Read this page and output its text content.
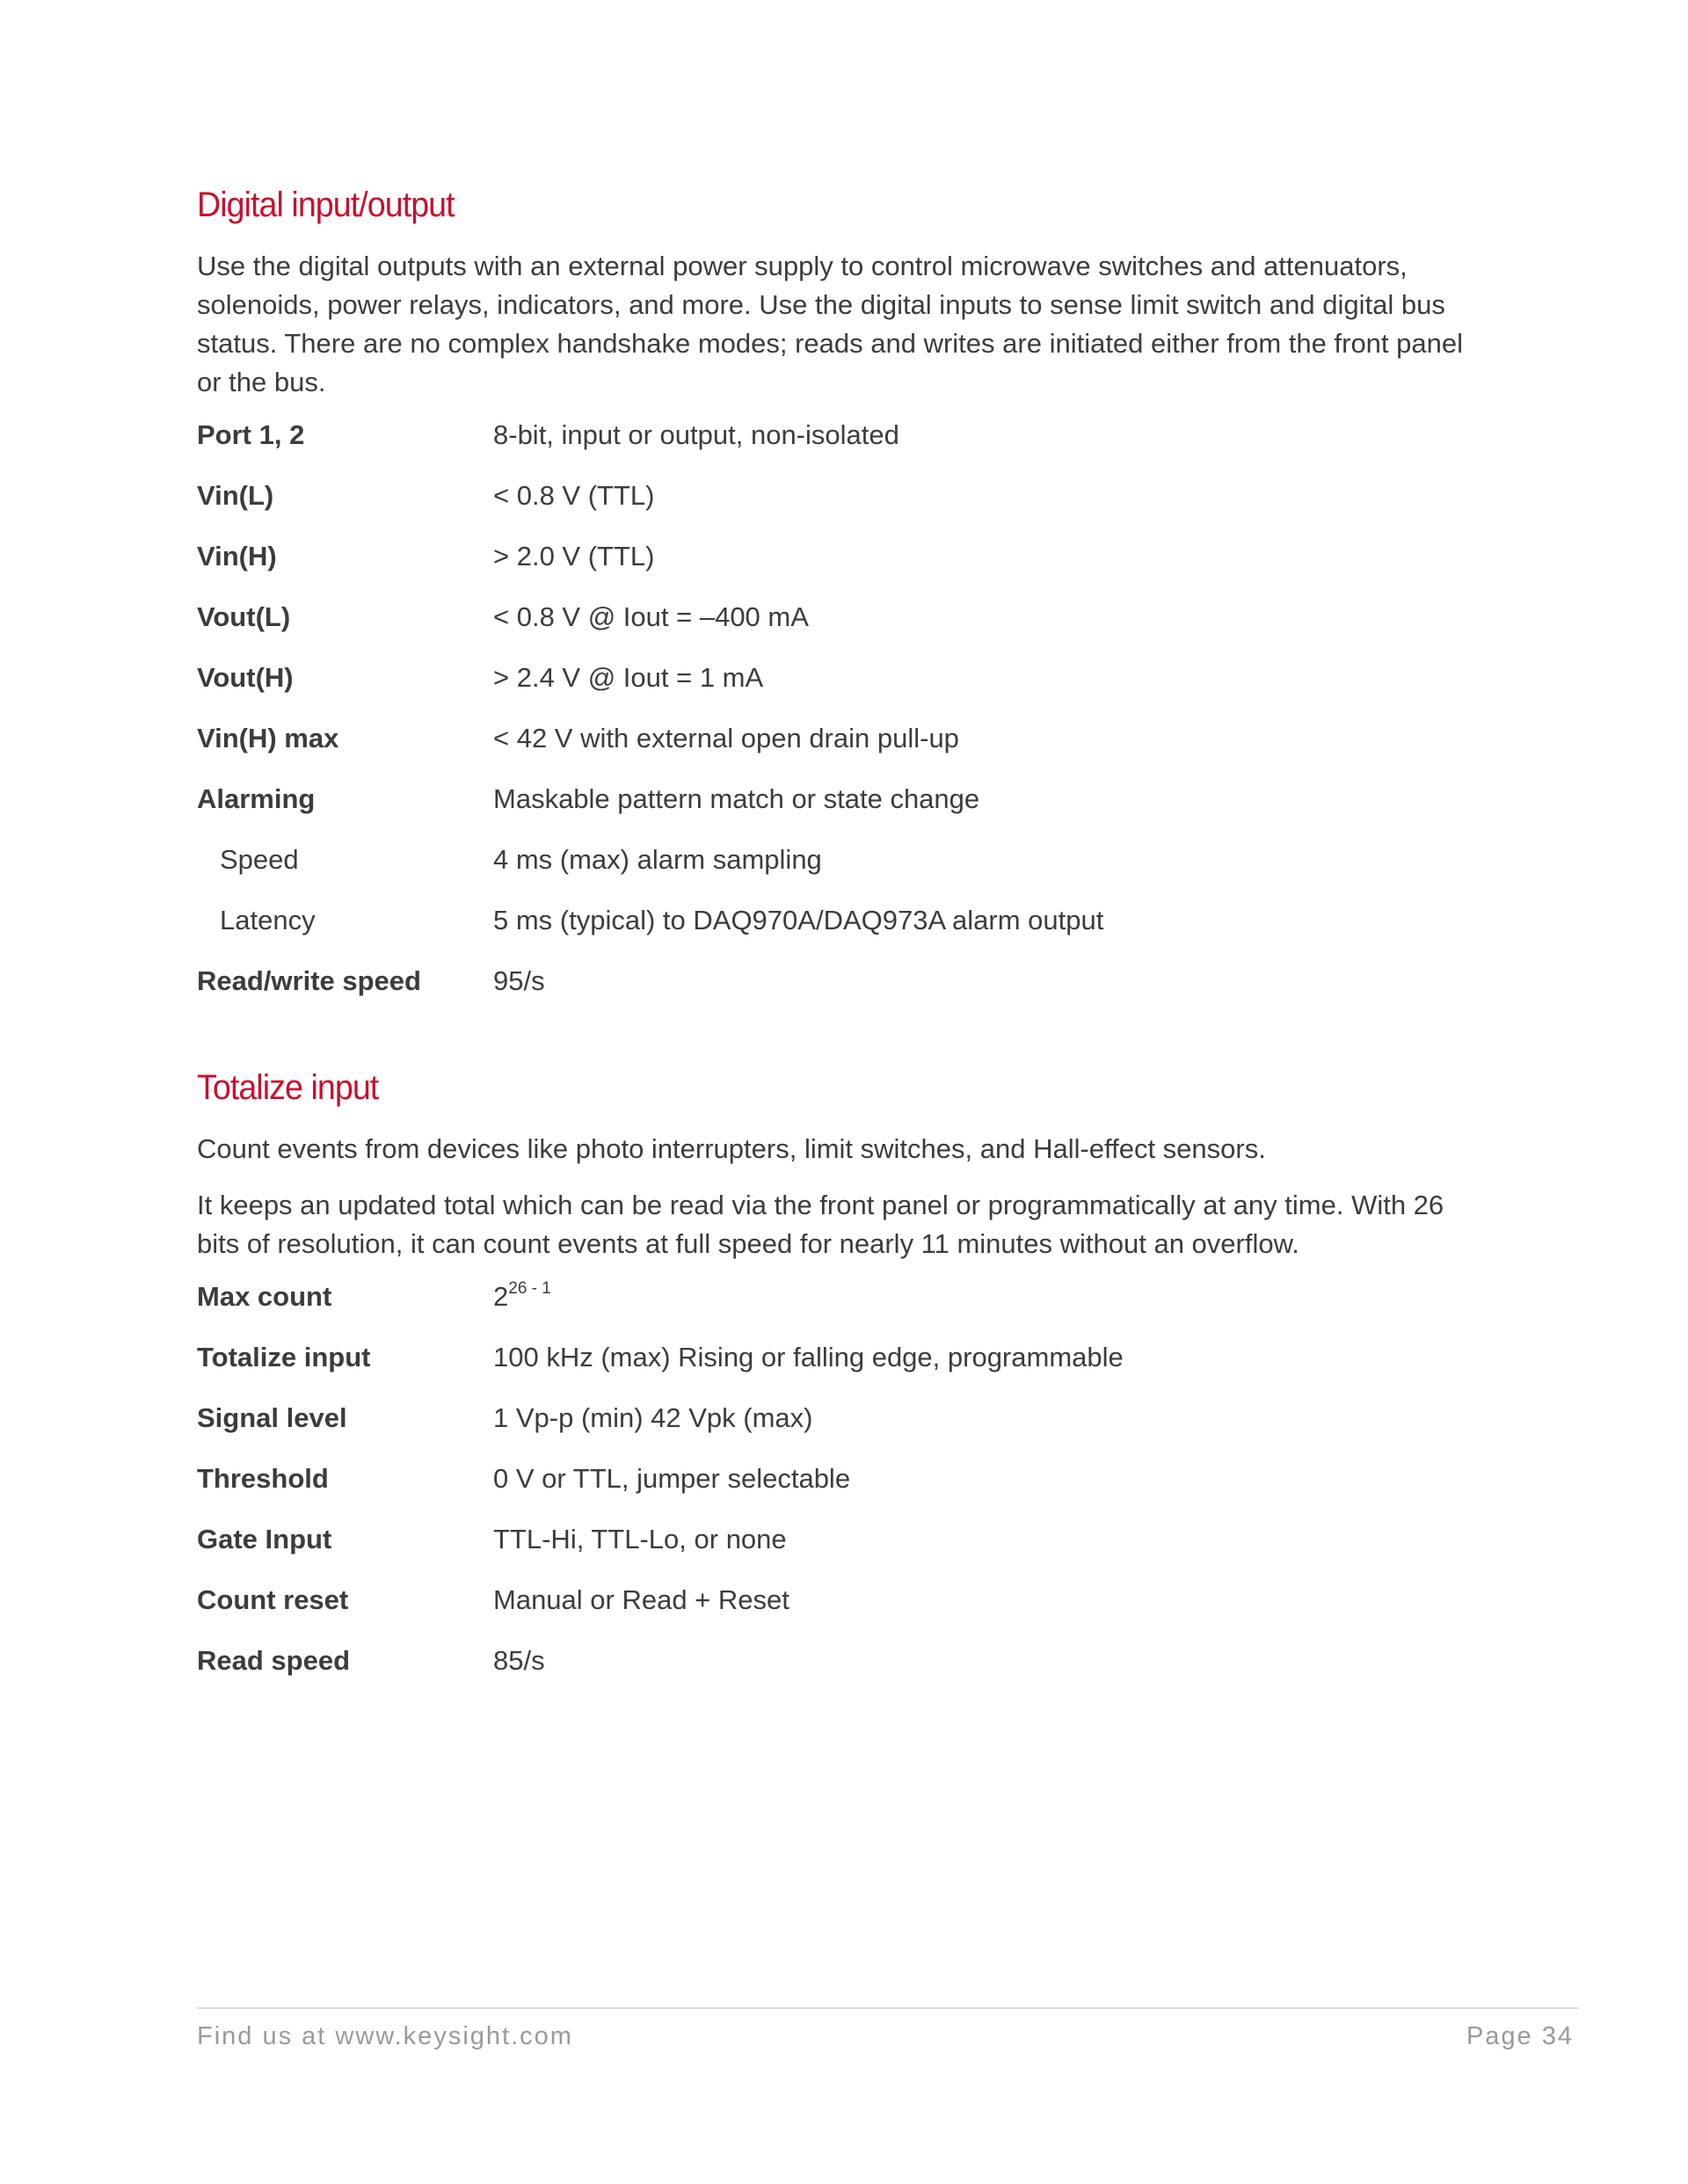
Digital input/output

Use the digital outputs with an external power supply to control microwave switches and attenuators, solenoids, power relays, indicators, and more. Use the digital inputs to sense limit switch and digital bus status. There are no complex handshake modes; reads and writes are initiated either from the front panel or the bus.

Port 1, 2	8-bit, input or output, non-isolated
Vin(L)	< 0.8 V (TTL)
Vin(H)	> 2.0 V (TTL)
Vout(L)	< 0.8 V @ Iout = –400 mA
Vout(H)	> 2.4 V @ Iout = 1 mA
Vin(H) max	< 42 V with external open drain pull-up
Alarming	Maskable pattern match or state change
Speed	4 ms (max) alarm sampling
Latency	5 ms (typical) to DAQ970A/DAQ973A alarm output
Read/write speed	95/s
Totalize input

Count events from devices like photo interrupters, limit switches, and Hall-effect sensors.

It keeps an updated total which can be read via the front panel or programmatically at any time. With 26 bits of resolution, it can count events at full speed for nearly 11 minutes without an overflow.

Max count	2$^{26 - 1}$
Totalize input	100 kHz (max) Rising or falling edge, programmable
Signal level	1 Vp-p (min) 42 Vpk (max)
Threshold	0 V or TTL, jumper selectable
Gate Input	TTL-Hi, TTL-Lo, or none
Count reset	Manual or Read + Reset
Read speed	85/s
Find us at www.keysight.com	Page 34
